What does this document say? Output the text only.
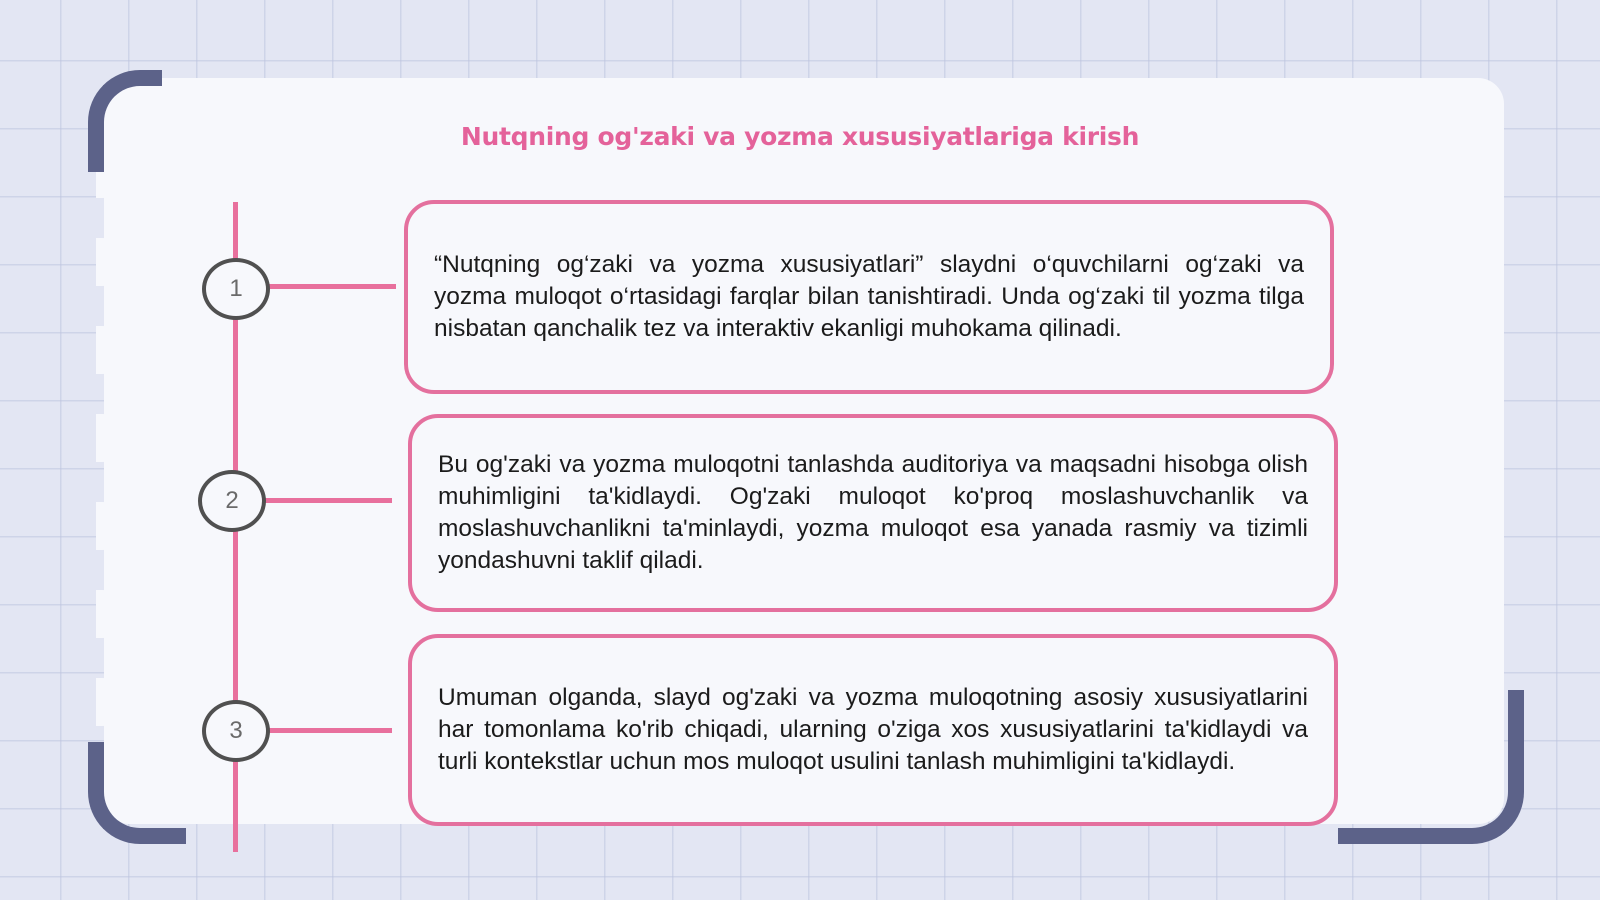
Nutqning og'zaki va yozma xususiyatlariga kirish
1

“Nutqning og‘zaki va yozma xususiyatlari” slaydni o‘quvchilarni og‘zaki va yozma muloqot o‘rtasidagi farqlar bilan tanishtiradi. Unda og‘zaki til yozma tilga nisbatan qanchalik tez va interaktiv ekanligi muhokama qilinadi.

2

Bu og'zaki va yozma muloqotni tanlashda auditoriya va maqsadni hisobga olish muhimligini ta'kidlaydi. Og'zaki muloqot ko'proq moslashuvchanlik va moslashuvchanlikni ta'minlaydi, yozma muloqot esa yanada rasmiy va tizimli yondashuvni taklif qiladi.

3

Umuman olganda, slayd og'zaki va yozma muloqotning asosiy xususiyatlarini har tomonlama ko'rib chiqadi, ularning o'ziga xos xususiyatlarini ta'kidlaydi va turli kontekstlar uchun mos muloqot usulini tanlash muhimligini ta'kidlaydi.
